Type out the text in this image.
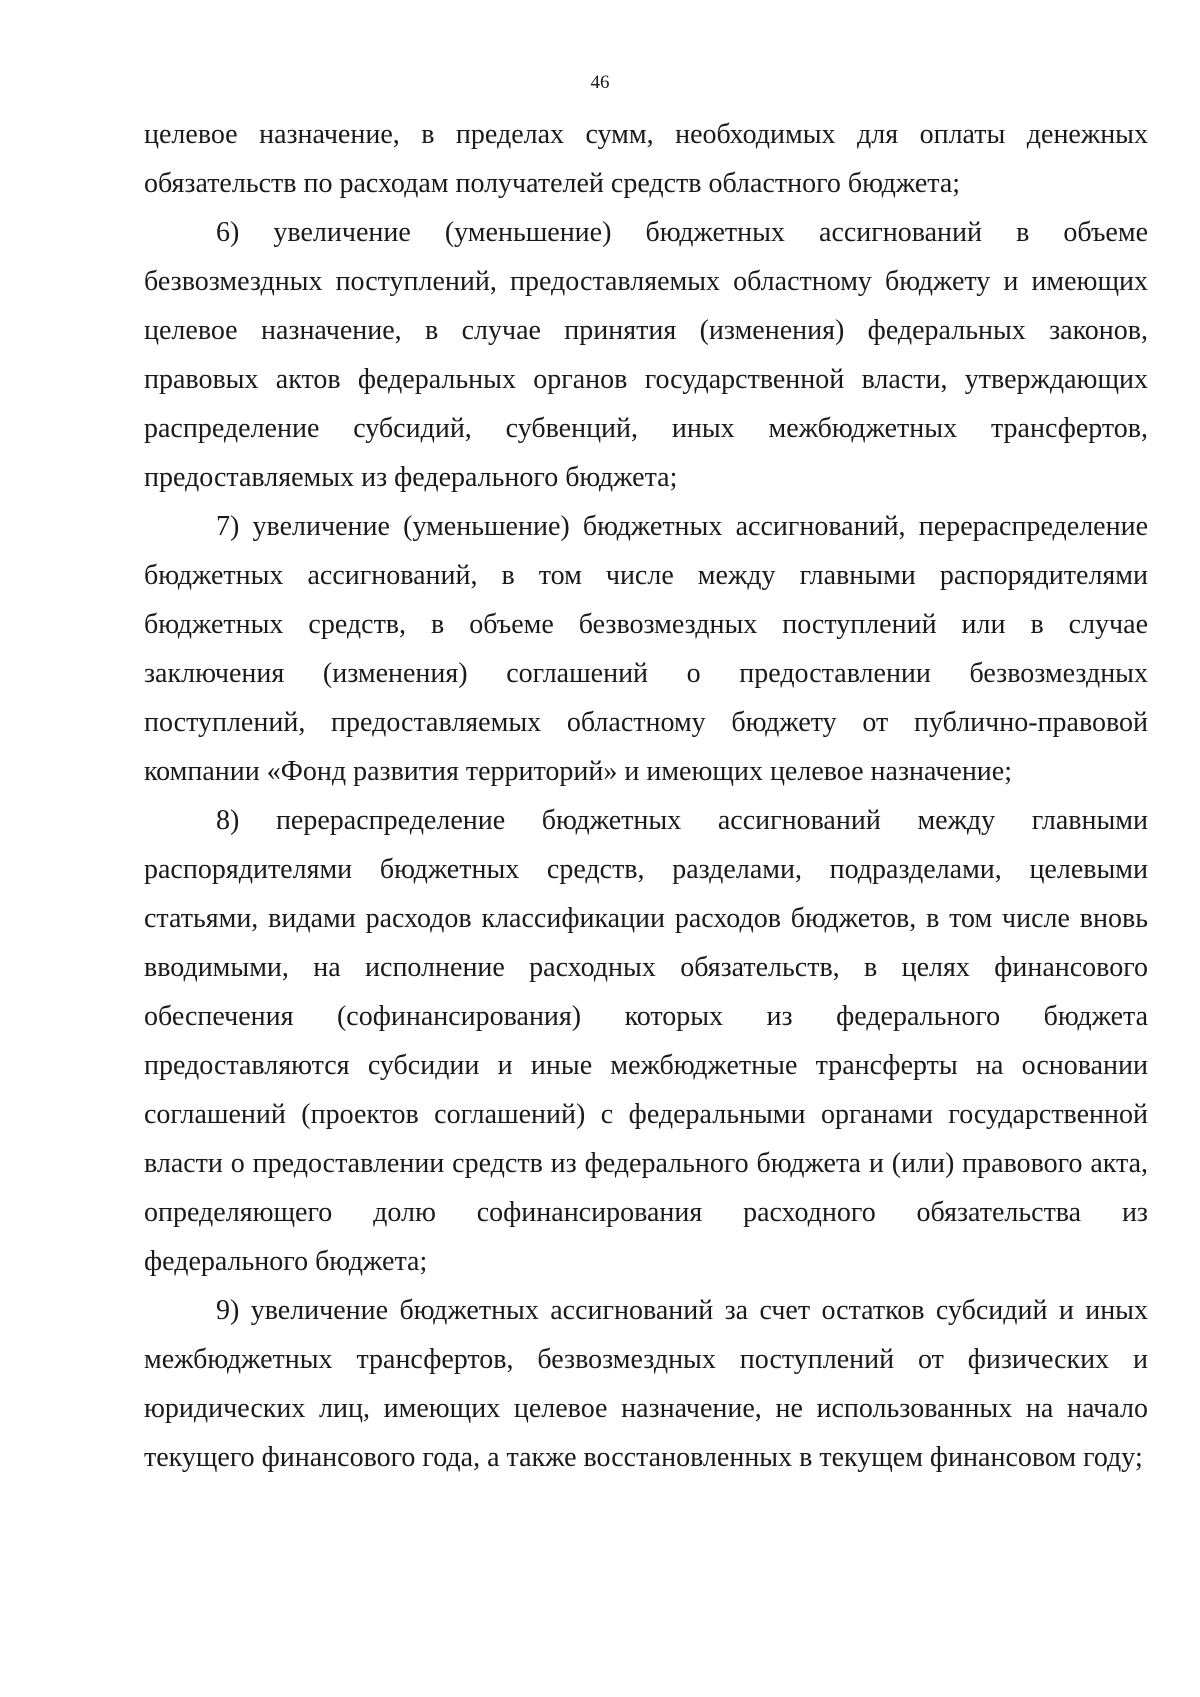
46

целевое назначение, в пределах сумм, необходимых для оплаты денежных обязательств по расходам получателей средств областного бюджета;

6) увеличение (уменьшение) бюджетных ассигнований в объеме безвозмездных поступлений, предоставляемых областному бюджету и имеющих целевое назначение, в случае принятия (изменения) федеральных законов, правовых актов федеральных органов государственной власти, утверждающих распределение субсидий, субвенций, иных межбюджетных трансфертов, предоставляемых из федерального бюджета;

7) увеличение (уменьшение) бюджетных ассигнований, перераспределение бюджетных ассигнований, в том числе между главными распорядителями бюджетных средств, в объеме безвозмездных поступлений или в случае заключения (изменения) соглашений о предоставлении безвозмездных поступлений, предоставляемых областному бюджету от публично-правовой компании «Фонд развития территорий» и имеющих целевое назначение;

8) перераспределение бюджетных ассигнований между главными распорядителями бюджетных средств, разделами, подразделами, целевыми статьями, видами расходов классификации расходов бюджетов, в том числе вновь вводимыми, на исполнение расходных обязательств, в целях финансового обеспечения (софинансирования) которых из федерального бюджета предоставляются субсидии и иные межбюджетные трансферты на основании соглашений (проектов соглашений) с федеральными органами государственной власти о предоставлении средств из федерального бюджета и (или) правового акта, определяющего долю софинансирования расходного обязательства из федерального бюджета;

9) увеличение бюджетных ассигнований за счет остатков субсидий и иных межбюджетных трансфертов, безвозмездных поступлений от физических и юридических лиц, имеющих целевое назначение, не использованных на начало текущего финансового года, а также восстановленных в текущем финансовом году;
